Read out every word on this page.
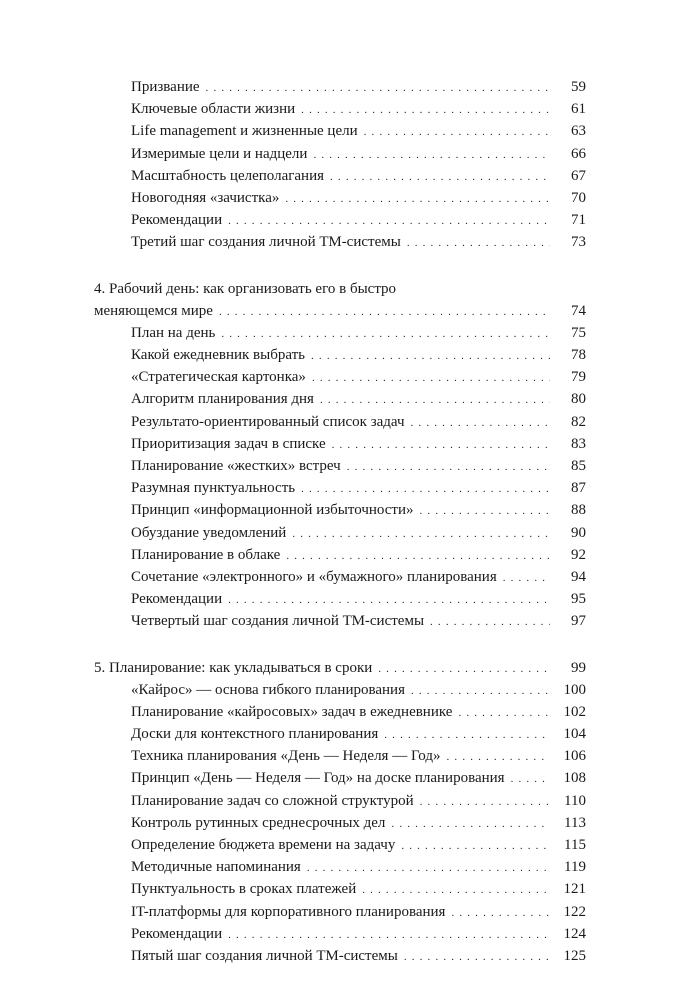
Призвание . . .	59
Ключевые области жизни . . .	61
Life management и жизненные цели . . .	63
Измеримые цели и надцели . . .	66
Масштабность целеполагания . . .	67
Новогодняя «зачистка» . . .	70
Рекомендации . . .	71
Третий шаг создания личной ТМ-системы . . .	73
4. Рабочий день: как организовать его в быстро
меняющемся мире . . .	74
План на день . . .	75
Какой ежедневник выбрать . . .	78
«Стратегическая картонка» . . .	79
Алгоритм планирования дня . . .	80
Результато-ориентированный список задач . . .	82
Приоритизация задач в списке . . .	83
Планирование «жестких» встреч . . .	85
Разумная пунктуальность . . .	87
Принцип «информационной избыточности» . . .	88
Обуздание уведомлений . . .	90
Планирование в облаке . . .	92
Сочетание «электронного» и «бумажного» планирования . . .	94
Рекомендации . . .	95
Четвертый шаг создания личной ТМ-системы . . .	97
5. Планирование: как укладываться в сроки . . .	99
«Кайрос» — основа гибкого планирования . . .	100
Планирование «кайросовых» задач в ежедневнике . . .	102
Доски для контекстного планирования . . .	104
Техника планирования «День — Неделя — Год» . . .	106
Принцип «День — Неделя — Год» на доске планирования . . .	108
Планирование задач со сложной структурой . . .	110
Контроль рутинных среднесрочных дел . . .	113
Определение бюджета времени на задачу . . .	115
Методичные напоминания . . .	119
Пунктуальность в сроках платежей . . .	121
IT-платформы для корпоративного планирования . . .	122
Рекомендации . . .	124
Пятый шаг создания личной ТМ-системы . . .	125
